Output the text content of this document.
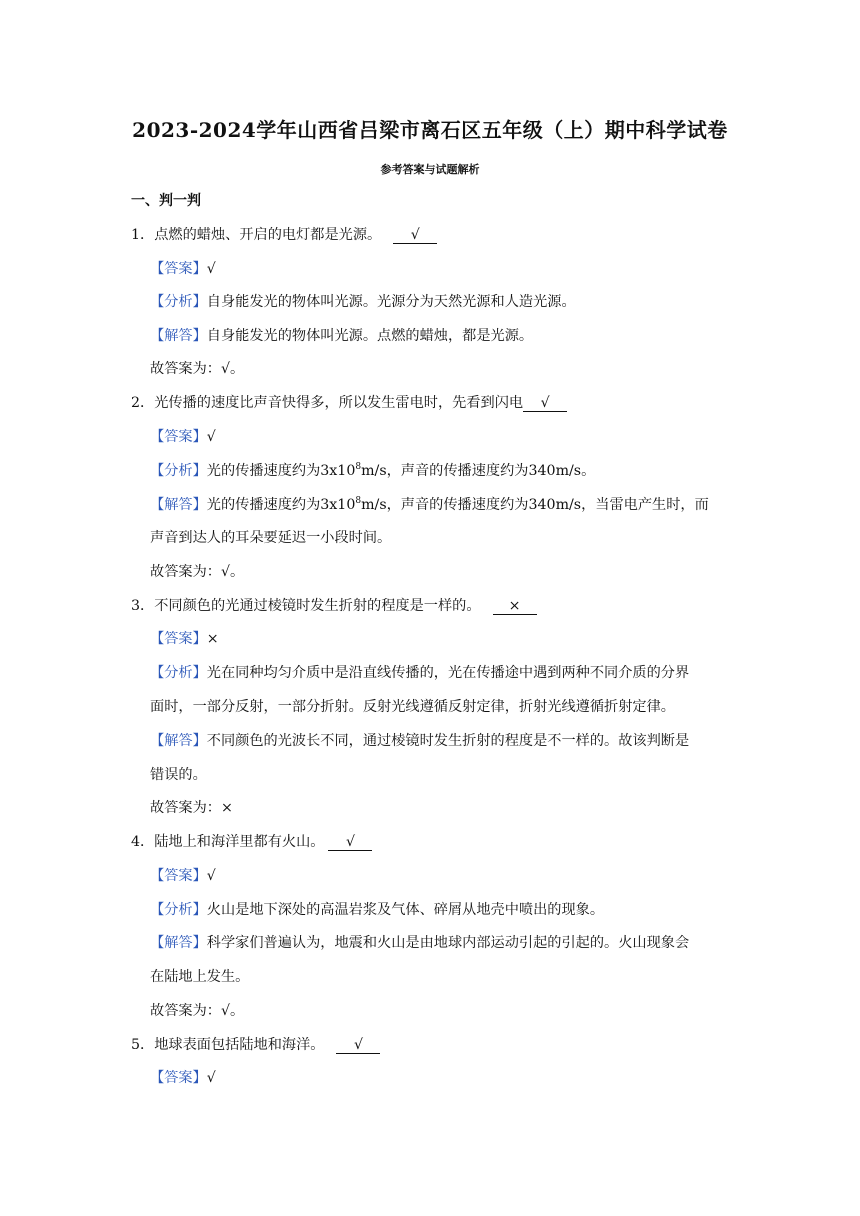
2023-2024学年山西省吕梁市离石区五年级（上）期中科学试卷
参考答案与试题解析
一、判一判
1．点燃的蜡烛、开启的电灯都是光源。 √
【答案】√
【分析】自身能发光的物体叫光源。光源分为天然光源和人造光源。
【解答】自身能发光的物体叫光源。点燃的蜡烛，都是光源。
故答案为：√。
2．光传播的速度比声音快得多，所以发生雷电时，先看到闪电 √
【答案】√
【分析】光的传播速度约为$3x10^8m/s$，声音的传播速度约为340m/s。
【解答】光的传播速度约为$3x10^8m/s$，声音的传播速度约为340m/s，当雷电产生时，而
声音到达人的耳朵要延迟一小段时间。
故答案为：√。
3．不同颜色的光通过棱镜时发生折射的程度是一样的。 ×
【答案】×
【分析】光在同种均匀介质中是沿直线传播的，光在传播途中遇到两种不同介质的分界
面时，一部分反射，一部分折射。反射光线遵循反射定律，折射光线遵循折射定律。
【解答】不同颜色的光波长不同，通过棱镜时发生折射的程度是不一样的。故该判断是
错误的。
故答案为：×
4．陆地上和海洋里都有火山。 √
【答案】√
【分析】火山是地下深处的高温岩浆及气体、碎屑从地壳中喷出的现象。
【解答】科学家们普遍认为，地震和火山是由地球内部运动引起的引起的。火山现象会
在陆地上发生。
故答案为：√。
5．地球表面包括陆地和海洋。 √
【答案】√
